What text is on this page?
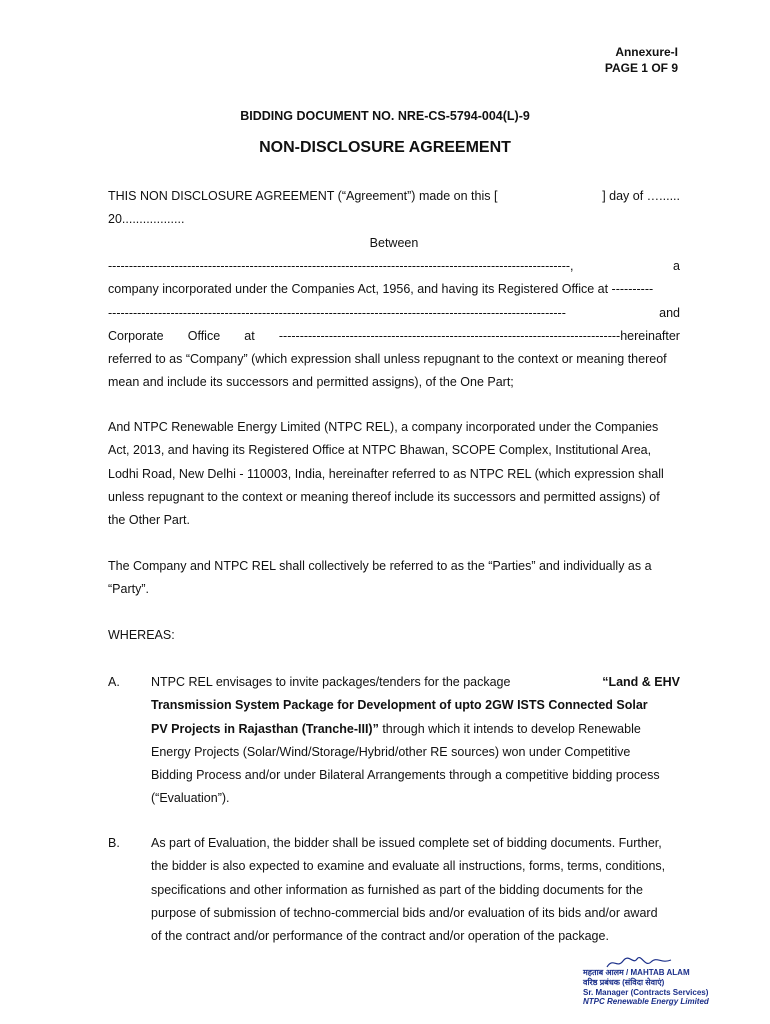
Annexure-I
PAGE 1 OF 9
BIDDING DOCUMENT NO. NRE-CS-5794-004(L)-9
NON-DISCLOSURE AGREEMENT
THIS NON DISCLOSURE AGREEMENT (“Agreement”) made on this [	] day of …......
20..................
Between
---------------------------------------------------------------------------------------------------------------,	a
company incorporated under the Companies Act, 1956, and having its Registered Office at ----------
--------------------------------------------------------------------------------------------------------------	and
Corporate Office at ----------------------------------------------------------------------------------hereinafter
referred to as “Company” (which expression shall unless repugnant to the context or meaning thereof
mean and include its successors and permitted assigns), of the One Part;
And NTPC Renewable Energy Limited (NTPC REL), a company incorporated under the Companies
Act, 2013, and having its Registered Office at NTPC Bhawan, SCOPE Complex, Institutional Area,
Lodhi Road, New Delhi - 110003, India, hereinafter referred to as NTPC REL (which expression shall
unless repugnant to the context or meaning thereof include its successors and permitted assigns) of
the Other Part.
The Company and NTPC REL shall collectively be referred to as the “Parties” and individually as a
“Party”.
WHEREAS:
A. NTPC REL envisages to invite packages/tenders for the package	“Land & EHV
Transmission System Package for Development of upto 2GW ISTS Connected Solar
PV Projects in Rajasthan (Tranche-III)” through which it intends to develop Renewable
Energy Projects (Solar/Wind/Storage/Hybrid/other RE sources) won under Competitive
Bidding Process and/or under Bilateral Arrangements through a competitive bidding process
(“Evaluation”).
B. As part of Evaluation, the bidder shall be issued complete set of bidding documents. Further,
the bidder is also expected to examine and evaluate all instructions, forms, terms, conditions,
specifications and other information as furnished as part of the bidding documents for the
purpose of submission of techno-commercial bids and/or evaluation of its bids and/or award
of the contract and/or performance of the contract and/or operation of the package.
महताब आलम / MAHTAB ALAM
वरिष्ठ प्रबंधक (संविदा सेवाएं)
Sr. Manager (Contracts Services)
NTPC Renewable Energy Limited
